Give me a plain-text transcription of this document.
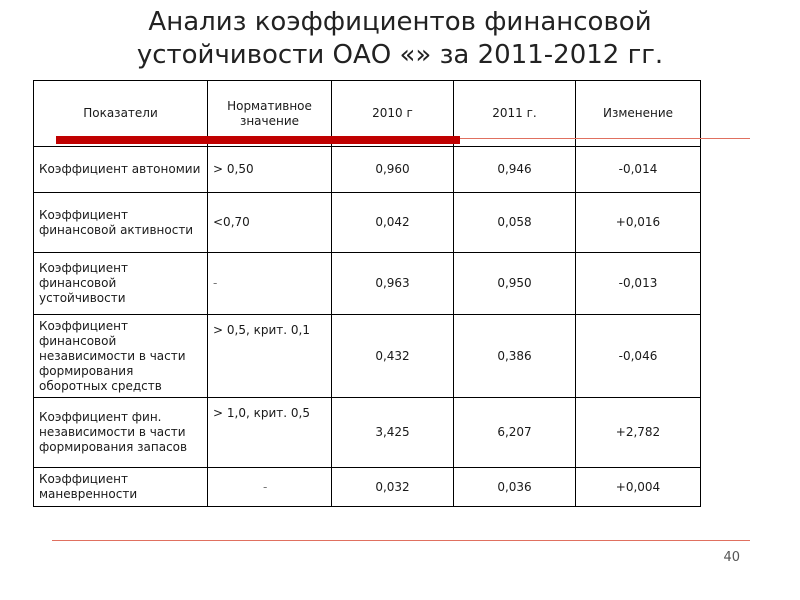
Анализ коэффициентов финансовой
устойчивости ОАО «» за 2011-2012 гг.
Показатели	Нормативное значение	2010 г	2011 г.	Изменение
Коэффициент автономии	> 0,50	0,960	0,946	-0,014
Коэффициент финансовой активности	<0,70	0,042	0,058	+0,016
Коэффициент финансовой устойчивости	-	0,963	0,950	-0,013
Коэффициент финансовой независимости в части формирования оборотных средств	> 0,5, крит. 0,1	0,432	0,386	-0,046
Коэффициент фин. независимости в части формирования запасов	> 1,0, крит. 0,5	3,425	6,207	+2,782
Коэффициент маневренности	-	0,032	0,036	+0,004
40
